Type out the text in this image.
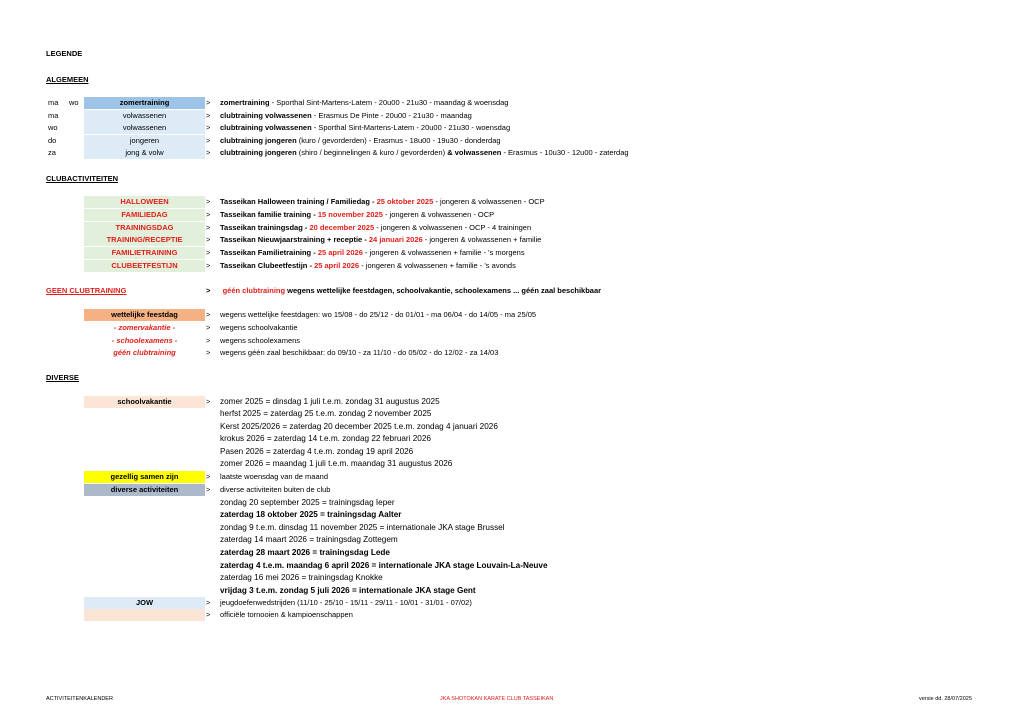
LEGENDE
ALGEMEEN
ma wo	zomertraining	> zomertraining - Sporthal Sint-Martens-Latem - 20u00 - 21u30 - maandag & woensdag
ma	volwassenen	> clubtraining volwassenen - Erasmus De Pinte - 20u00 - 21u30 - maandag
wo	volwassenen	> clubtraining volwassenen - Sporthal Sint-Martens-Latem - 20u00 - 21u30 - woensdag
do	jongeren	> clubtraining jongeren (kuro / gevorderden) - Erasmus - 18u00 - 19u30 - donderdag
za	jong & volw	> clubtraining jongeren (shiro / beginnelingen & kuro / gevorderden) & volwassenen - Erasmus - 10u30 - 12u00 - zaterdag
CLUBACTIVITEITEN
HALLOWEEN	> Tasseikan Halloween training / Familiedag - 25 oktober 2025 - jongeren & volwassenen - OCP
FAMILIEDAG	> Tasseikan familie training - 15 november 2025 - jongeren & volwassenen - OCP
TRAININGSDAG	> Tasseikan trainingsdag - 20 december 2025 - jongeren & volwassenen - OCP - 4 trainingen
TRAINING/RECEPTIE	> Tasseikan Nieuwjaarstraining + receptie - 24 januari 2026 - jongeren & volwassenen + familie
FAMILIETRAINING	> Tasseikan Familietraining - 25 april 2026 - jongeren & volwassenen + familie - 's morgens
CLUBEETFESTIJN	> Tasseikan Clubeetfestijn - 25 april 2026 - jongeren & volwassenen + familie - 's avonds
GEEN CLUBTRAINING	> géén clubtraining wegens wettelijke feestdagen, schoolvakantie, schoolexamens ... géén zaal beschikbaar
wettelijke feestdag	> wegens wettelijke feestdagen: wo 15/08 - do 25/12 - do 01/01 - ma 06/04 - do 14/05 - ma 25/05
- zomervakantie -	> wegens schoolvakantie
- schoolexamens -	> wegens schoolexamens
géén clubtraining	> wegens géén zaal beschikbaar: do 09/10 - za 11/10 - do 05/02 - do 12/02 - za 14/03
DIVERSE
schoolvakantie	> zomer 2025 = dinsdag 1 juli t.e.m. zondag 31 augustus 2025
herfst 2025 = zaterdag 25 t.e.m. zondag 2 november 2025
Kerst 2025/2026 = zaterdag 20 december 2025 t.e.m. zondag 4 januari 2026
krokus 2026 = zaterdag 14 t.e.m. zondag 22 februari 2026
Pasen 2026 = zaterdag 4 t.e.m. zondag 19 april 2026
zomer 2026 = maandag 1 juli t.e.m. maandag 31 augustus 2026
gezellig samen zijn	> laatste woensdag van de maand
diverse activiteiten	> diverse activiteiten buiten de club
zondag 20 september 2025 = trainingsdag Ieper
zaterdag 18 oktober 2025 = trainingsdag Aalter
zondag 9 t.e.m. dinsdag 11 november 2025 = internationale JKA stage Brussel
zaterdag 14 maart 2026 = trainingsdag Zottegem
zaterdag 28 maart 2026 = trainingsdag Lede
zaterdag 4 t.e.m. maandag 6 april 2026 = internationale JKA stage Louvain-La-Neuve
zaterdag 16 mei 2026 = trainingsdag Knokke
vrijdag 3 t.e.m. zondag 5 juli 2026 = internationale JKA stage Gent
JOW	> jeugdoefenwedstrijden (11/10 - 25/10 - 15/11 - 29/11 - 10/01 - 31/01 - 07/02)
> officiële tornooien & kampioenschappen
ACTIVITEITENKALENDER	JKA SHOTOKAN KARATE CLUB TASSEIKAN	versie dd. 28/07/2025
